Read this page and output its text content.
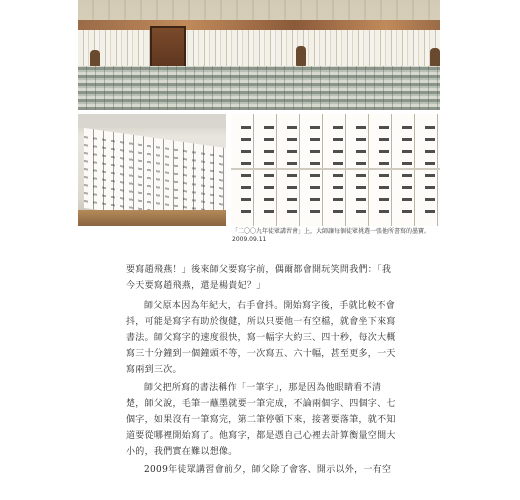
「二〇〇九年徒眾講習會」上，大師讓每個徒眾挑選一張他所書寫的墨寶。
2009.09.11
要寫趙飛燕！」後來師父要寫字前，偶爾都會開玩笑問我們：「我
今天要寫趙飛燕，還是楊貴妃？」
師父原本因為年紀大，右手會抖。開始寫字後，手就比較不會
抖，可能是寫字有助於復健，所以只要他一有空檔，就會坐下來寫
書法。師父寫字的速度很快，寫一幅字大約三、四十秒，每次大概
寫三十分鐘到一個鐘頭不等，一次寫五、六十幅，甚至更多，一天
寫兩到三次。
師父把所寫的書法稱作「一筆字」，那是因為他眼睛看不清
楚，師父說，毛筆一蘸墨就要一筆完成，不論兩個字、四個字、七
個字，如果沒有一筆寫完，第二筆停頓下來，接著要落筆，就不知
道要從哪裡開始寫了。他寫字，都是憑自己心裡去計算衡量空間大
小的，我們實在難以想像。
2009年徒眾講習會前夕，師父除了會客、開示以外，一有空
